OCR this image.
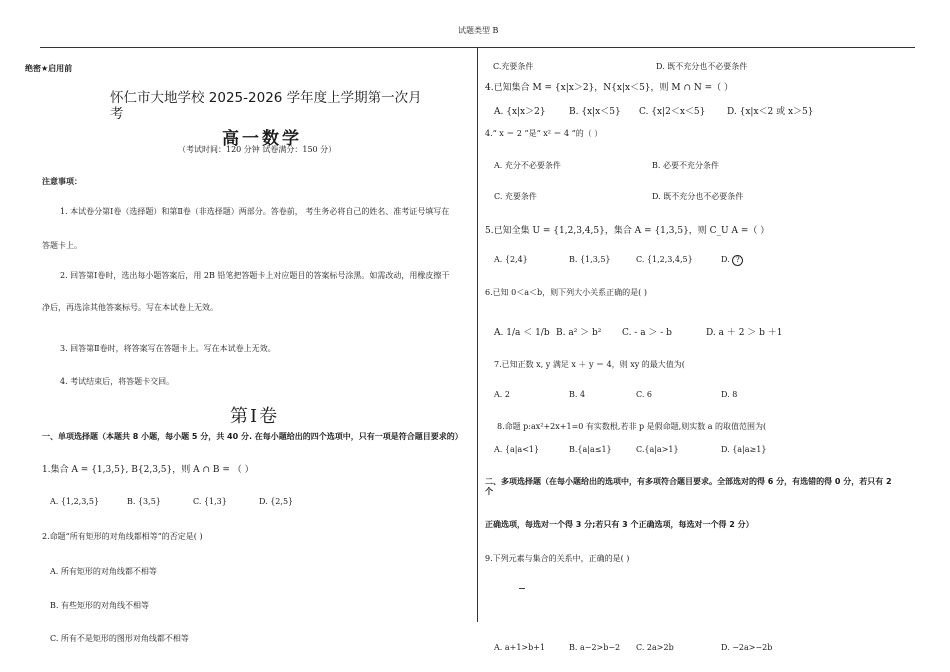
试题类型 B
绝密★启用前
怀仁市大地学校 2025-2026 学年度上学期第一次月
考
高一数学
（考试时间：120 分钟 试卷满分：150 分）
注意事项：
1. 本试卷分第Ⅰ卷（选择题）和第Ⅱ卷（非选择题）两部分。答卷前， 考生务必将自己的姓名、准考证号填写在
答题卡上。
2. 回答第Ⅰ卷时，选出每小题答案后，用 2B 铅笔把答题卡上对应题目的答案标号涂黑。如需改动，用橡皮擦干
净后，再选涂其他答案标号。写在本试卷上无效。
3. 回答第Ⅱ卷时，将答案写在答题卡上。写在本试卷上无效。
4. 考试结束后，将答题卡交回。
第Ⅰ卷
一、单项选择题（本题共 8 小题，每小题 5 分，共 40 分. 在每小题给出的四个选项中，只有一项是符合题目要求的）
1.集合 A = {1,3,5}, B{2,3,5}，则 A ∩ B = （ ）
A. {1,2,3,5}	B. {3,5}	C. {1,3}	D. {2,5}
2.命题“所有矩形的对角线都相等”的否定是( )
A. 所有矩形的对角线都不相等
B. 有些矩形的对角线不相等
C. 所有不是矩形的图形对角线都不相等
C.充要条件	D. 既不充分也不必要条件
4.已知集合 M = {x|x＞2}，N{x|x＜5}，则 M ∩ N =（ ）
A. {x|x＞2}	B. {x|x＜5} C. {x|2＜x＜5} D. {x|x＜2 或 x＞5}
4.“ x ＝ 2 ”是“ x² ＝ 4 ”的（ ）
A. 充分不必要条件	B. 必要不充分条件
C. 充要条件	D. 既不充分也不必要条件
5.已知全集 U = {1,2,3,4,5}，集合 A = {1,3,5}，则 C_U A =（ ）
A. {2,4}	B. {1,3,5}	C. {1,2,3,4,5}	D. ?
6.已知 0＜a＜b，则下列大小关系正确的是( )
A. 1/a ＜ 1/b B. a² ＞ b² C. - a ＞ - b	D. a ＋ 2 ＞ b ＋1
7.已知正数 x, y 满足 x ＋ y ＝ 4，则 xy 的最大值为(
A. 2	B. 4	C. 6	D. 8
8.命题 p:ax²+2x+1=0 有实数根,若非 p 是假命题,则实数 a 的取值范围为(
A. {a|a<1}	B.{a|a≤1}	C.{a|a>1}	D. {a|a≥1}
二、多项选择题（在每小题给出的选项中，有多项符合题目要求。全部选对的得 6 分，有选错的得 0 分，若只有 2
个
正确选项，每选对一个得 3 分;若只有 3 个正确选项，每选对一个得 2 分）
9.下列元素与集合的关系中，正确的是( )
A. a+1>b+1	B. a−2>b−2 C. 2a>2b	D. −2a>−2b
